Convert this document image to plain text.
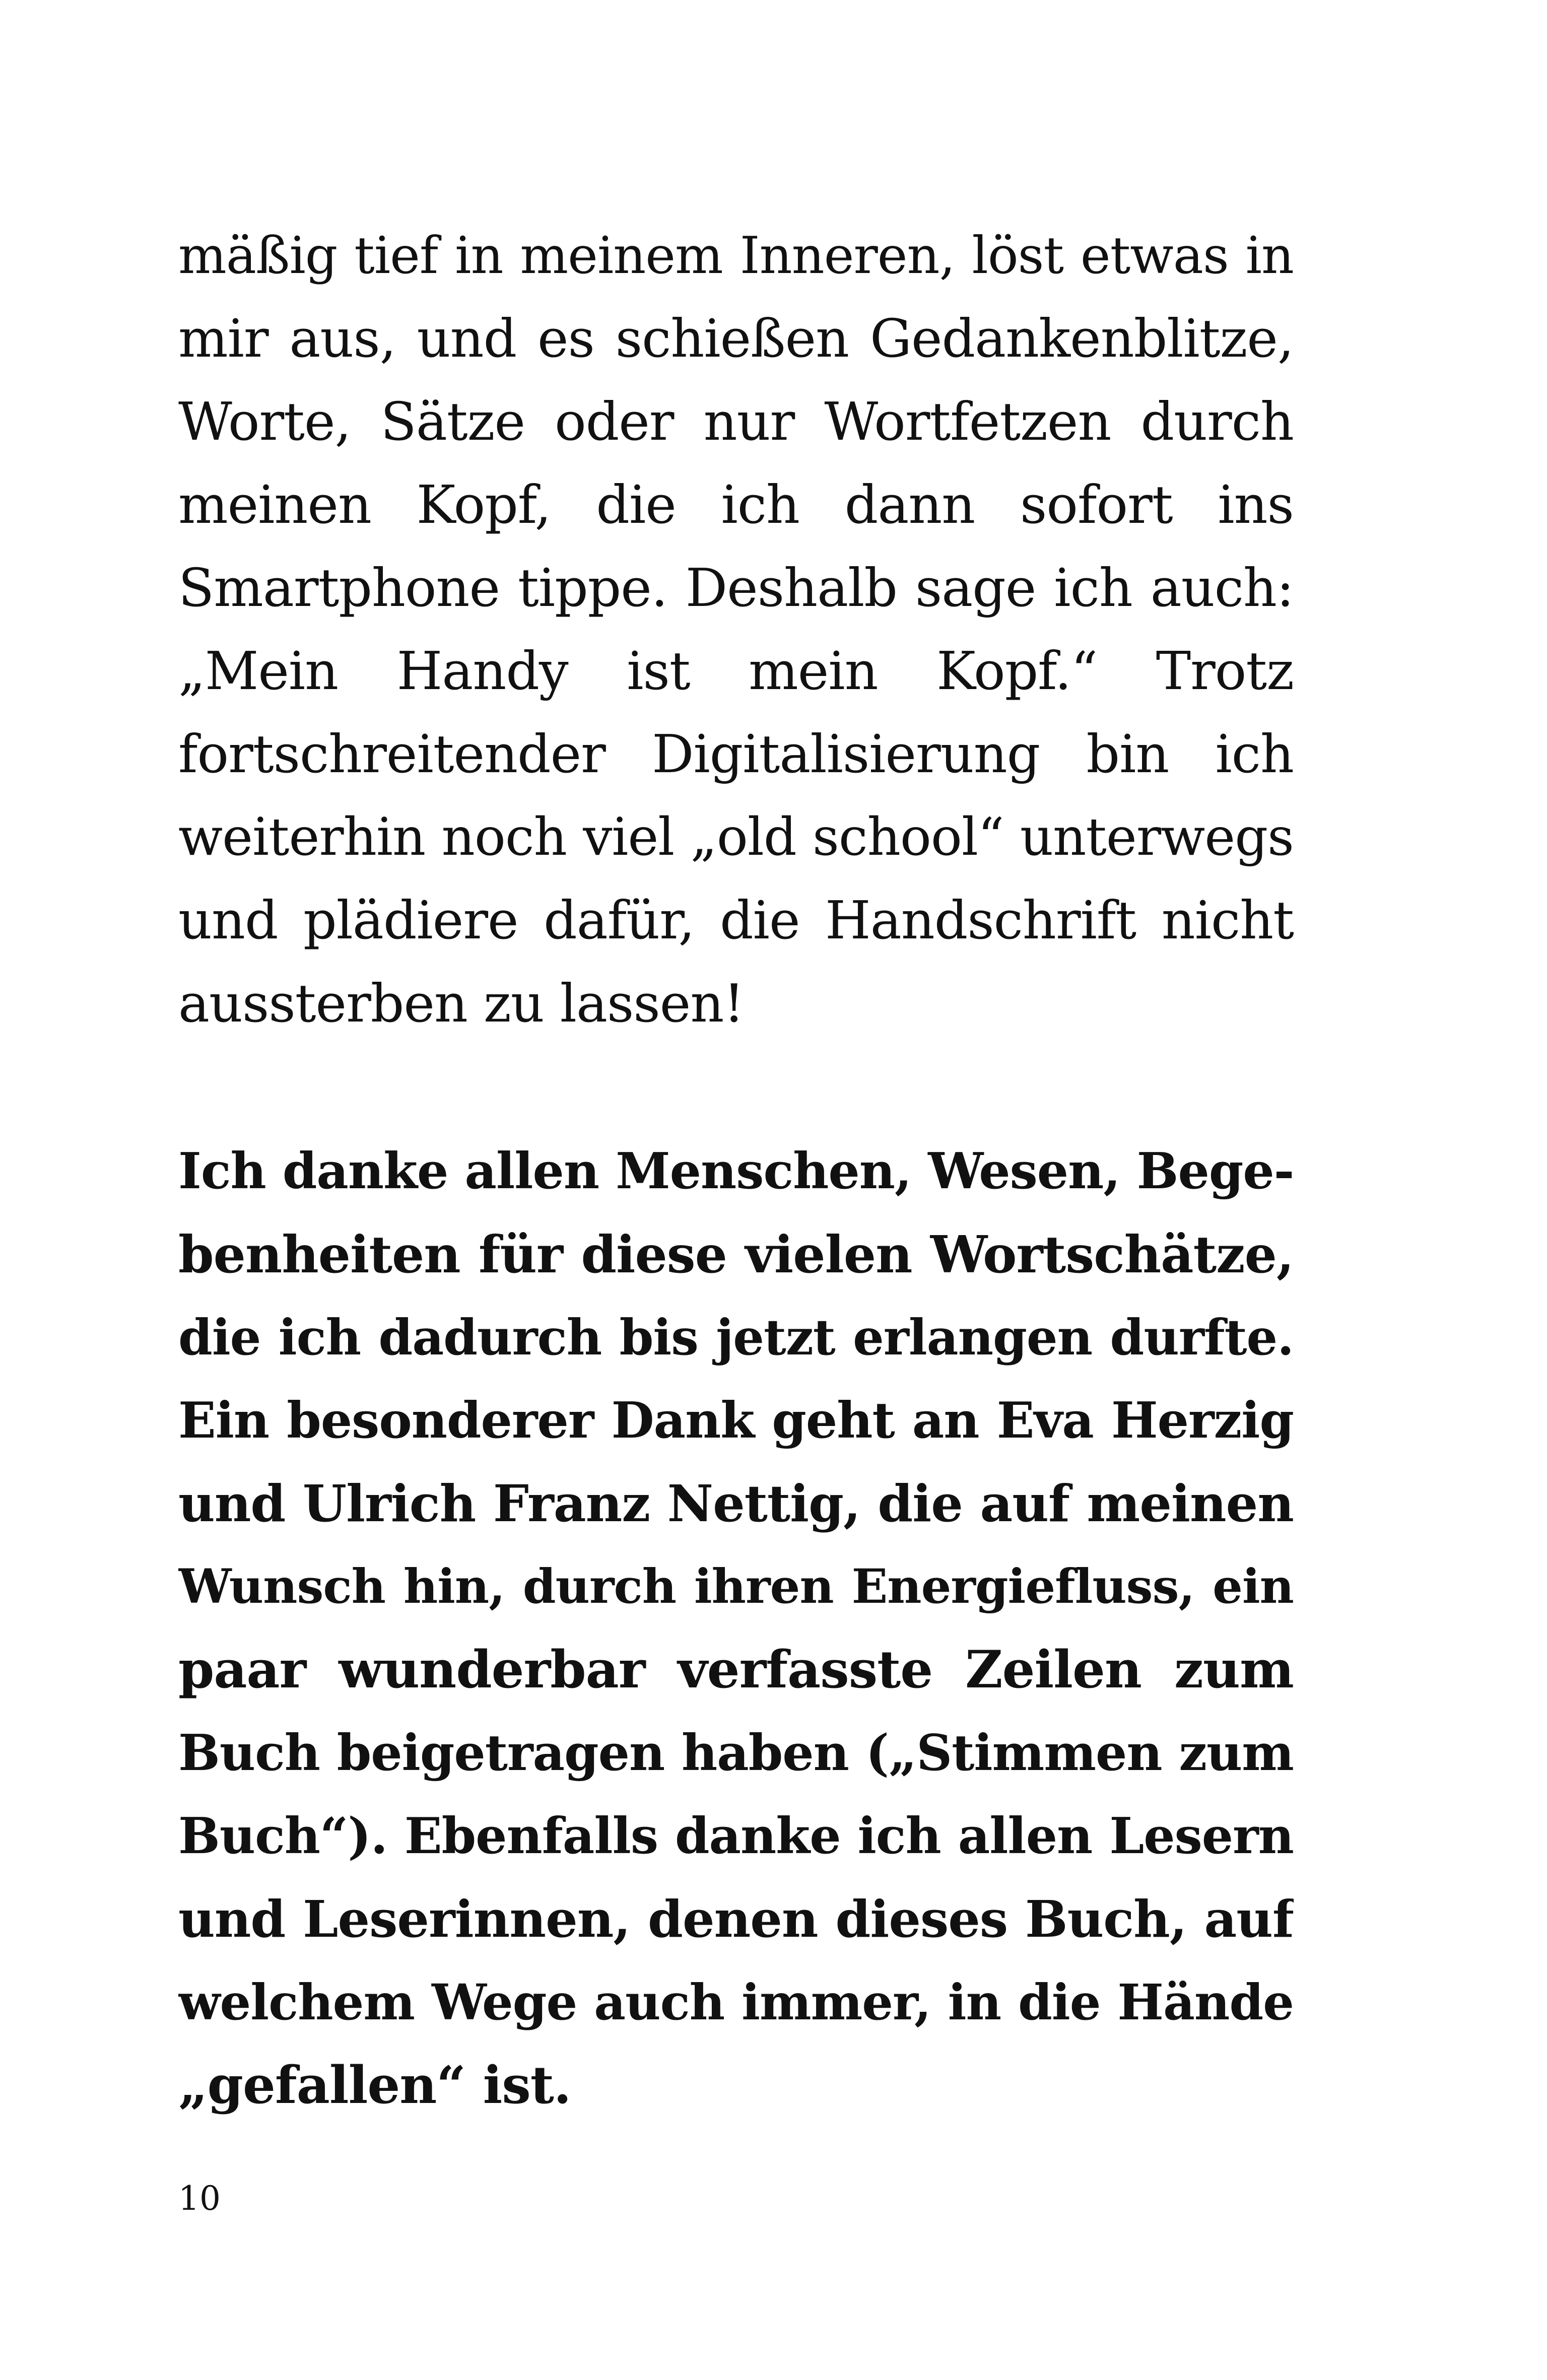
mäßig tief in meinem Inneren, löst etwas in
mir aus, und es schießen Gedankenblitze,
Worte, Sätze oder nur Wortfetzen durch
meinen Kopf, die ich dann sofort ins
Smartphone tippe. Deshalb sage ich auch:
„Mein Handy ist mein Kopf.“ Trotz
fortschreitender Digitalisierung bin ich
weiterhin noch viel „old school“ unterwegs
und plädiere dafür, die Handschrift nicht
aussterben zu lassen!
Ich danke allen Menschen, Wesen, Bege-
benheiten für diese vielen Wortschätze,
die ich dadurch bis jetzt erlangen durfte.
Ein besonderer Dank geht an Eva Herzig
und Ulrich Franz Nettig, die auf meinen
Wunsch hin, durch ihren Energiefluss, ein
paar wunderbar verfasste Zeilen zum
Buch beigetragen haben („Stimmen zum
Buch“). Ebenfalls danke ich allen Lesern
und Leserinnen, denen dieses Buch, auf
welchem Wege auch immer, in die Hände
„gefallen“ ist.
10
